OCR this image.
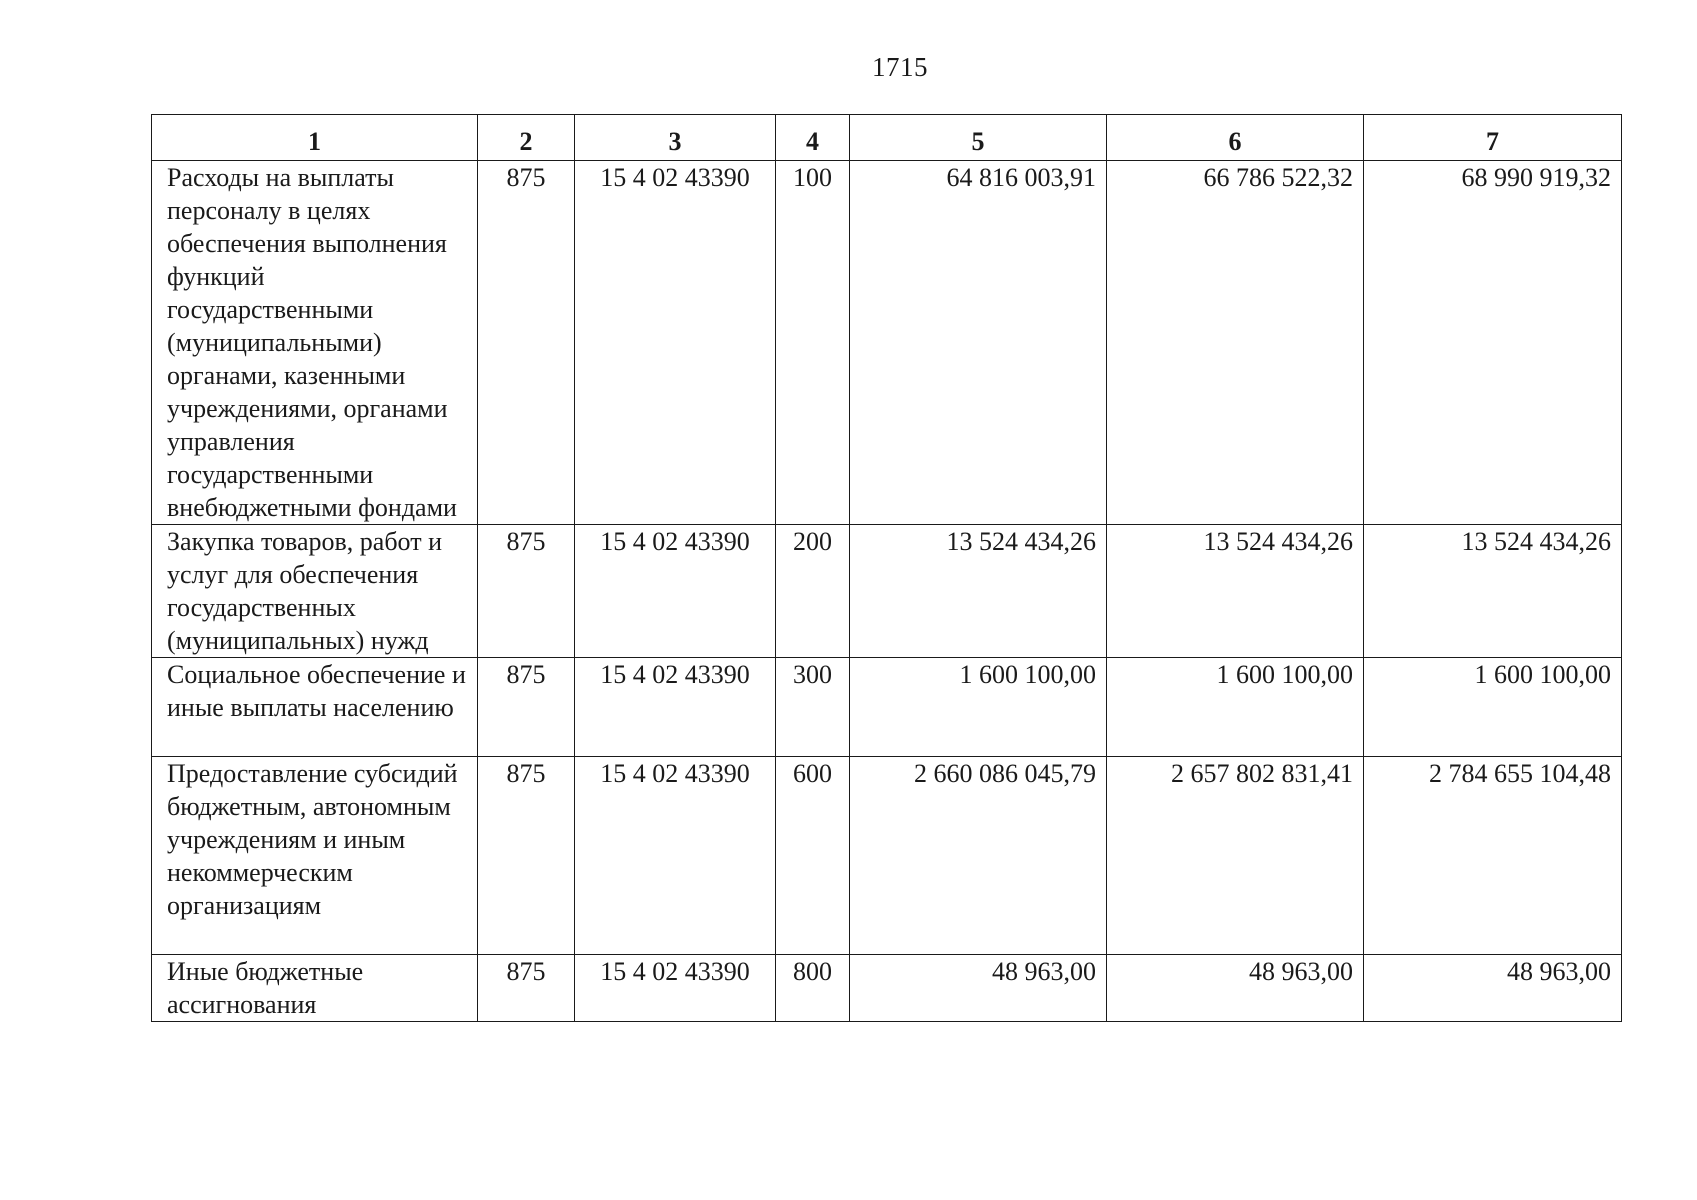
1715
1	2	3	4	5	6	7
Расходы на выплаты персоналу в целях обеспечения выполнения функций государственными (муниципальными) органами, казенными учреждениями, органами управления государственными внебюджетными фондами	875	15 4 02 43390	100	64 816 003,91	66 786 522,32	68 990 919,32
Закупка товаров, работ и услуг для обеспечения государственных (муниципальных) нужд	875	15 4 02 43390	200	13 524 434,26	13 524 434,26	13 524 434,26
Социальное обеспечение и иные выплаты населению	875	15 4 02 43390	300	1 600 100,00	1 600 100,00	1 600 100,00
Предоставление субсидий бюджетным, автономным учреждениям и иным некоммерческим организациям	875	15 4 02 43390	600	2 660 086 045,79	2 657 802 831,41	2 784 655 104,48
Иные бюджетные ассигнования	875	15 4 02 43390	800	48 963,00	48 963,00	48 963,00
